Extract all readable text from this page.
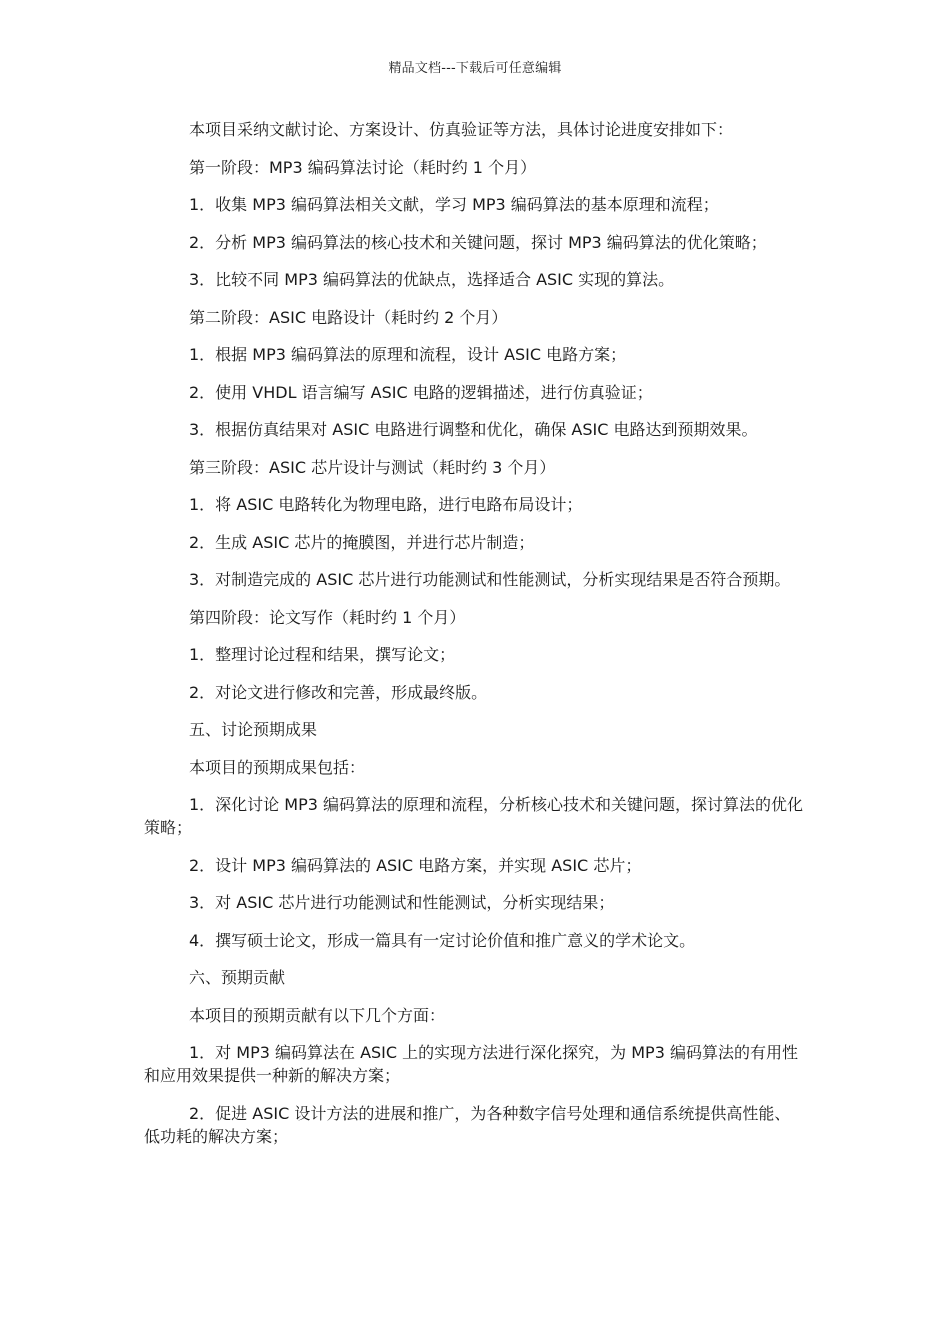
精品文档---下载后可任意编辑

本项目采纳文献讨论、方案设计、仿真验证等方法，具体讨论进度安排如下：

第一阶段：MP3 编码算法讨论（耗时约 1 个月）

1．收集 MP3 编码算法相关文献，学习 MP3 编码算法的基本原理和流程；

2．分析 MP3 编码算法的核心技术和关键问题，探讨 MP3 编码算法的优化策略；

3．比较不同 MP3 编码算法的优缺点，选择适合 ASIC 实现的算法。

第二阶段：ASIC 电路设计（耗时约 2 个月）

1．根据 MP3 编码算法的原理和流程，设计 ASIC 电路方案；

2．使用 VHDL 语言编写 ASIC 电路的逻辑描述，进行仿真验证；

3．根据仿真结果对 ASIC 电路进行调整和优化，确保 ASIC 电路达到预期效果。

第三阶段：ASIC 芯片设计与测试（耗时约 3 个月）

1．将 ASIC 电路转化为物理电路，进行电路布局设计；

2．生成 ASIC 芯片的掩膜图，并进行芯片制造；

3．对制造完成的 ASIC 芯片进行功能测试和性能测试，分析实现结果是否符合预期。

第四阶段：论文写作（耗时约 1 个月）

1．整理讨论过程和结果，撰写论文；

2．对论文进行修改和完善，形成最终版。

五、讨论预期成果

本项目的预期成果包括：

1．深化讨论 MP3 编码算法的原理和流程，分析核心技术和关键问题，探讨算法的优化策略；

2．设计 MP3 编码算法的 ASIC 电路方案，并实现 ASIC 芯片；

3．对 ASIC 芯片进行功能测试和性能测试，分析实现结果；

4．撰写硕士论文，形成一篇具有一定讨论价值和推广意义的学术论文。

六、预期贡献

本项目的预期贡献有以下几个方面：

1．对 MP3 编码算法在 ASIC 上的实现方法进行深化探究，为 MP3 编码算法的有用性和应用效果提供一种新的解决方案；

2．促进 ASIC 设计方法的进展和推广，为各种数字信号处理和通信系统提供高性能、低功耗的解决方案；
